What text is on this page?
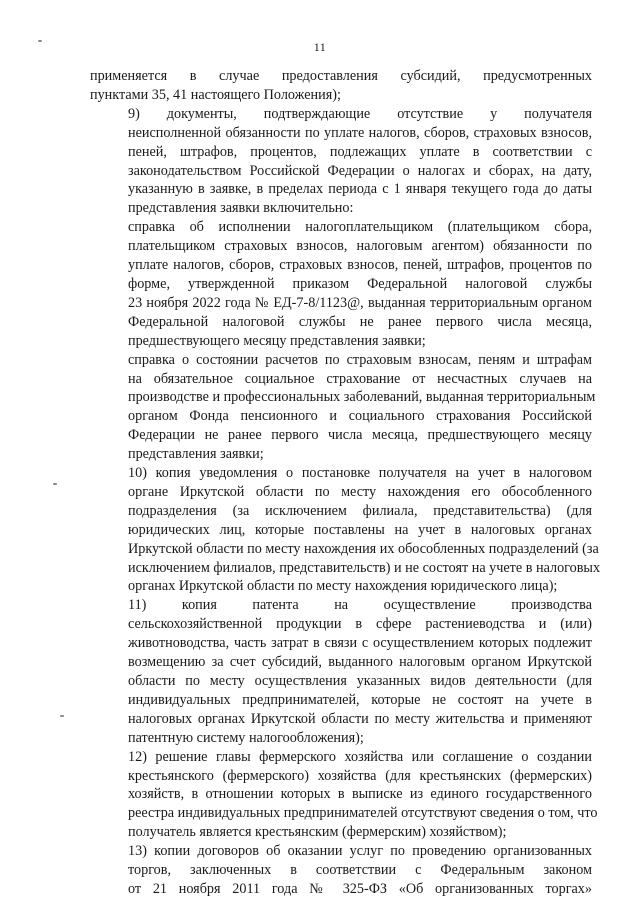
11

применяется в случае предоставления субсидий, предусмотренных
пунктами 35, 41 настоящего Положения);

9) документы, подтверждающие отсутствие у получателя
неисполненной обязанности по уплате налогов, сборов, страховых взносов,
пеней, штрафов, процентов, подлежащих уплате в соответствии с
законодательством Российской Федерации о налогах и сборах, на дату,
указанную в заявке, в пределах периода с 1 января текущего года до даты
представления заявки включительно:

справка об исполнении налогоплательщиком (плательщиком сбора,
плательщиком страховых взносов, налоговым агентом) обязанности по
уплате налогов, сборов, страховых взносов, пеней, штрафов, процентов по
форме, утвержденной приказом Федеральной налоговой службы
23 ноября 2022 года № ЕД-7-8/1123@, выданная территориальным органом
Федеральной налоговой службы не ранее первого числа месяца,
предшествующего месяцу представления заявки;

справка о состоянии расчетов по страховым взносам, пеням и штрафам
на обязательное социальное страхование от несчастных случаев на
производстве и профессиональных заболеваний, выданная территориальным
органом Фонда пенсионного и социального страхования Российской
Федерации не ранее первого числа месяца, предшествующего месяцу
представления заявки;

10) копия уведомления о постановке получателя на учет в налоговом
органе Иркутской области по месту нахождения его обособленного
подразделения (за исключением филиала, представительства) (для
юридических лиц, которые поставлены на учет в налоговых органах
Иркутской области по месту нахождения их обособленных подразделений (за
исключением филиалов, представительств) и не состоят на учете в налоговых
органах Иркутской области по месту нахождения юридического лица);

11) копия патента на осуществление производства
сельскохозяйственной продукции в сфере растениеводства и (или)
животноводства, часть затрат в связи с осуществлением которых подлежит
возмещению за счет субсидий, выданного налоговым органом Иркутской
области по месту осуществления указанных видов деятельности (для
индивидуальных предпринимателей, которые не состоят на учете в
налоговых органах Иркутской области по месту жительства и применяют
патентную систему налогообложения);

12) решение главы фермерского хозяйства или соглашение о создании
крестьянского (фермерского) хозяйства (для крестьянских (фермерских)
хозяйств, в отношении которых в выписке из единого государственного
реестра индивидуальных предпринимателей отсутствуют сведения о том, что
получатель является крестьянским (фермерским) хозяйством);

13) копии договоров об оказании услуг по проведению организованных
торгов, заключенных в соответствии с Федеральным законом
от 21 ноября 2011 года № 325-ФЗ «Об организованных торгах»
